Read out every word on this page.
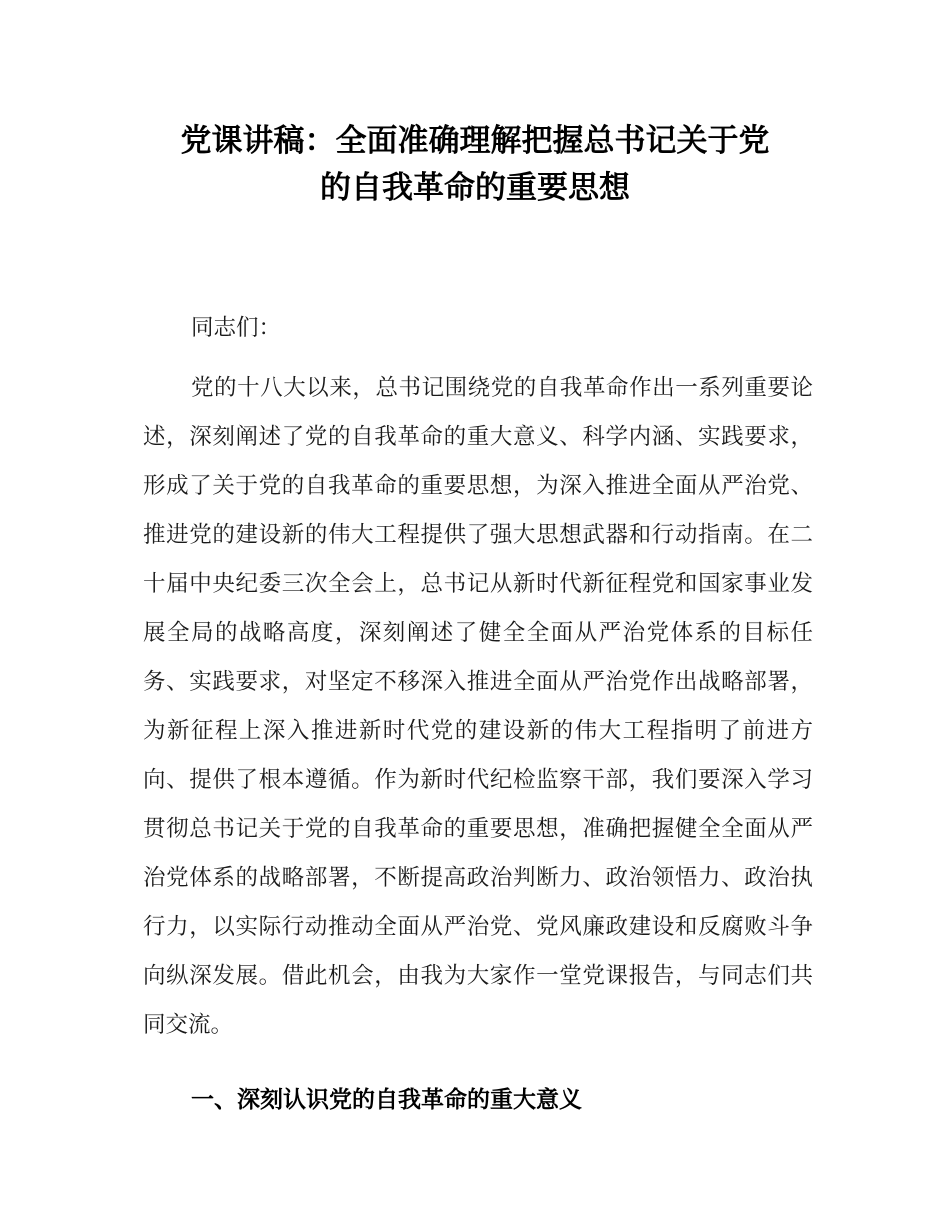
党课讲稿：全面准确理解把握总书记关于党
的自我革命的重要思想
同志们：
党的十八大以来，总书记围绕党的自我革命作出一系列重要论述，深刻阐述了党的自我革命的重大意义、科学内涵、实践要求，形成了关于党的自我革命的重要思想，为深入推进全面从严治党、推进党的建设新的伟大工程提供了强大思想武器和行动指南。在二十届中央纪委三次全会上，总书记从新时代新征程党和国家事业发展全局的战略高度，深刻阐述了健全全面从严治党体系的目标任务、实践要求，对坚定不移深入推进全面从严治党作出战略部署，为新征程上深入推进新时代党的建设新的伟大工程指明了前进方向、提供了根本遵循。作为新时代纪检监察干部，我们要深入学习贯彻总书记关于党的自我革命的重要思想，准确把握健全全面从严治党体系的战略部署，不断提高政治判断力、政治领悟力、政治执行力，以实际行动推动全面从严治党、党风廉政建设和反腐败斗争向纵深发展。借此机会，由我为大家作一堂党课报告，与同志们共同交流。
一、深刻认识党的自我革命的重大意义
